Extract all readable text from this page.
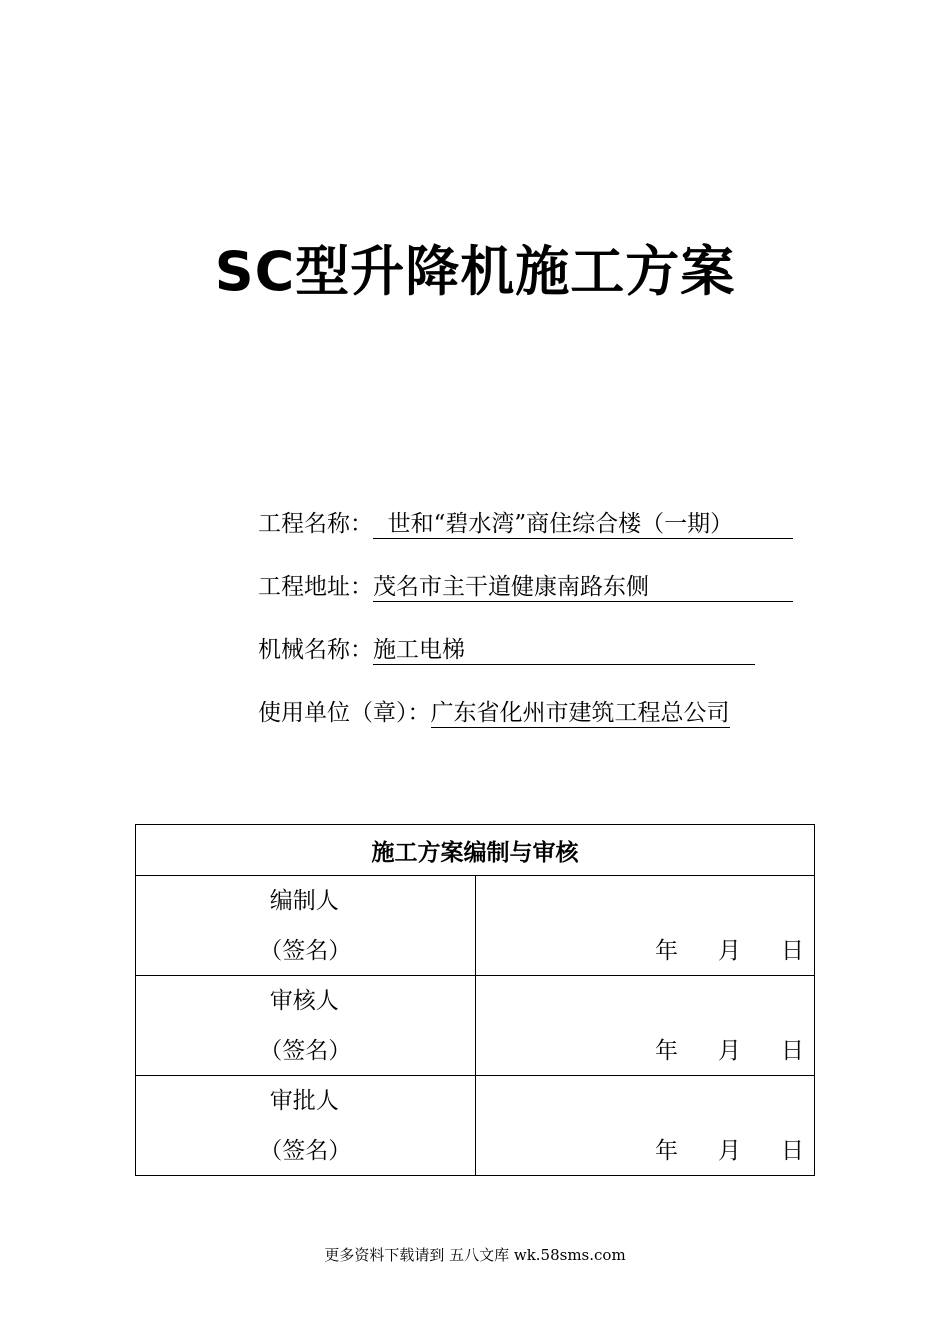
SC型升降机施工方案
工程名称：  世和“碧水湾”商住综合楼（一期）
工程地址：茂名市主干道健康南路东侧
机械名称：施工电梯
使用单位（章）：广东省化州市建筑工程总公司
施工方案编制与审核	

编制人
（签名）	年 月 日

审核人
（签名）	年 月 日

审批人
（签名）	年 月 日
更多资料下载请到 五八文库 wk.58sms.com
